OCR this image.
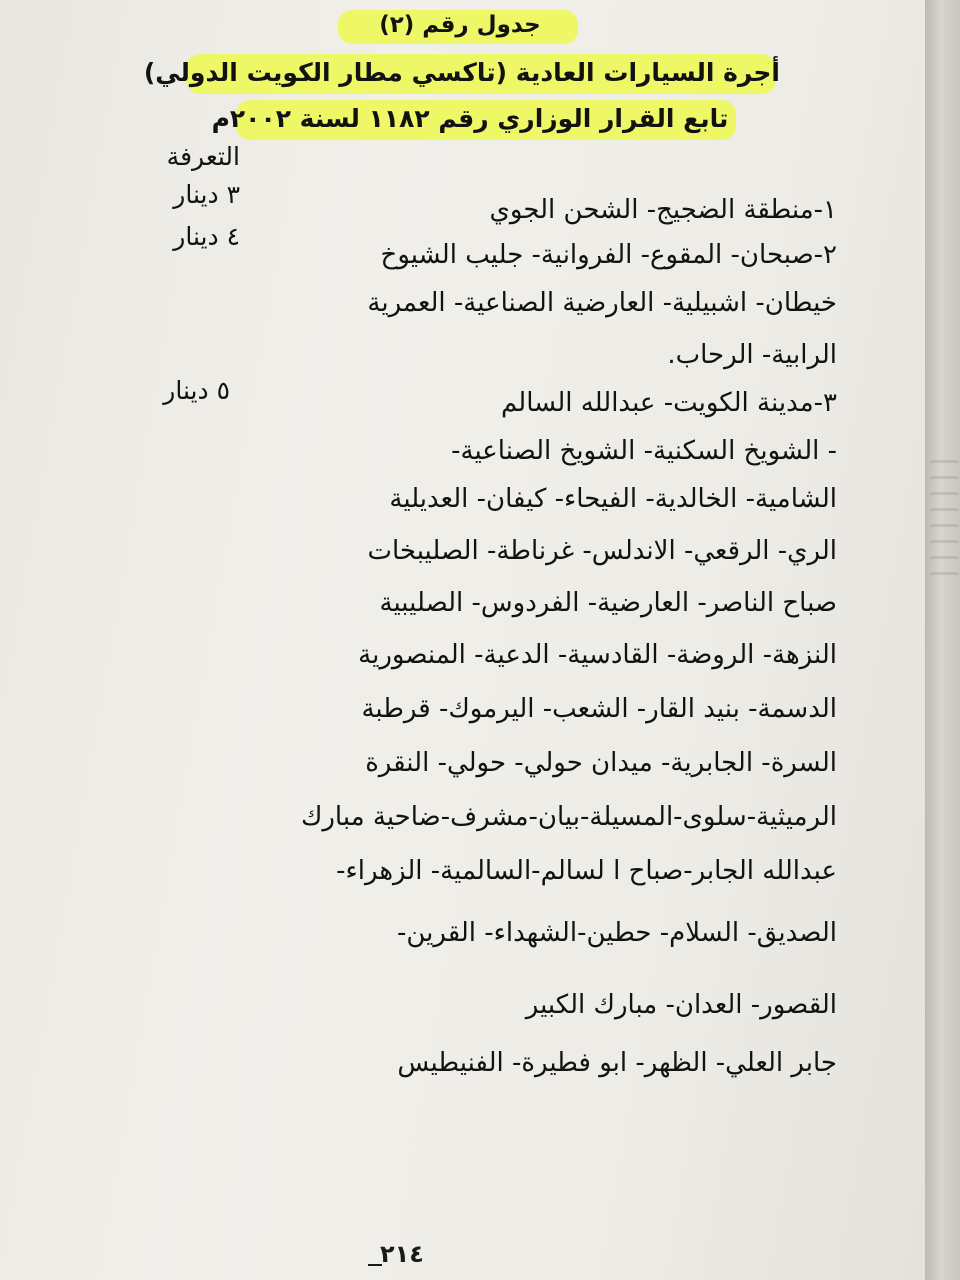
جدول رقم (٢)
أجرة السيارات العادية (تاكسي مطار الكويت الدولي)
تابع القرار الوزاري رقم ١١٨٢ لسنة ٢٠٠٢م
التعرفة
٣ دينار
٤ دينار
٥ دينار
١-منطقة الضجيج- الشحن الجوي
٢-صبحان- المقوع- الفروانية- جليب الشيوخ
خيطان- اشبيلية- العارضية الصناعية- العمرية
الرابية- الرحاب.
٣-مدينة الكويت- عبدالله السالم
- الشويخ السكنية- الشويخ الصناعية-
الشامية- الخالدية- الفيحاء- كيفان- العديلية
الري- الرقعي- الاندلس- غرناطة- الصليبخات
صباح الناصر- العارضية- الفردوس- الصليبية
النزهة- الروضة- القادسية- الدعية- المنصورية
الدسمة- بنيد القار- الشعب- اليرموك- قرطبة
السرة- الجابرية- ميدان حولي- حولي- النقرة
الرميثية-سلوى-المسيلة-بيان-مشرف-ضاحية مبارك
عبدالله الجابر-صباح ا لسالم-السالمية- الزهراء-
الصديق- السلام- حطين-الشهداء- القرين-
القصور- العدان- مبارك الكبير
جابر العلي- الظهر- ابو فطيرة- الفنيطيس
٢١٤
